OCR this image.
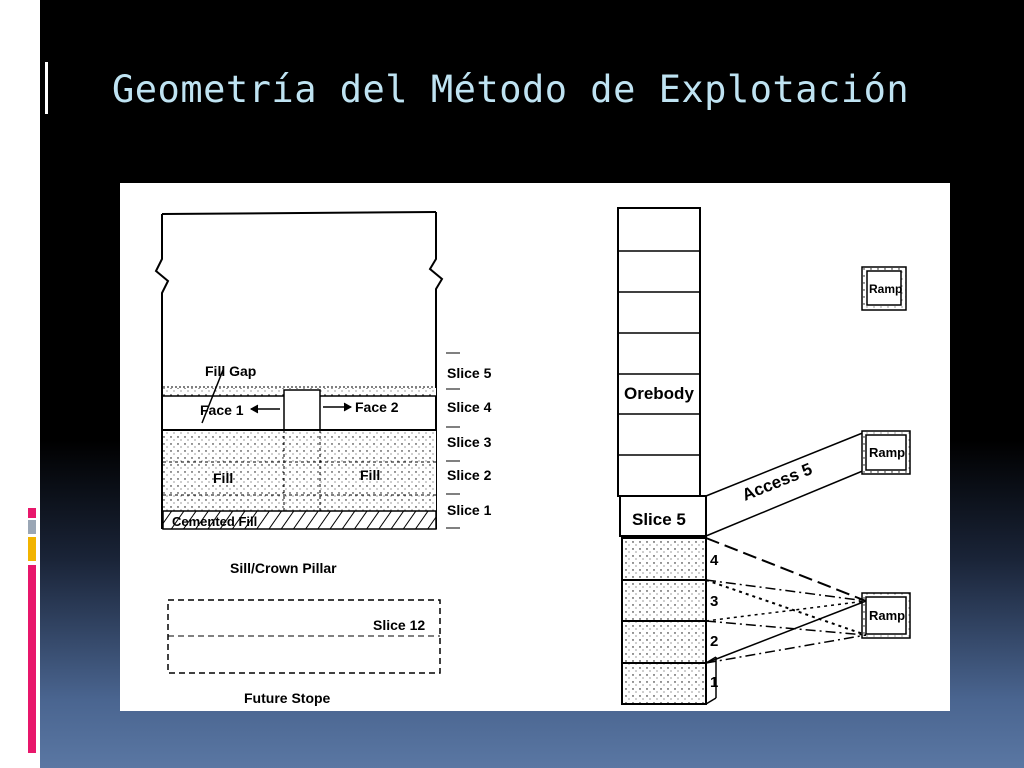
Geometría del Método de Explotación
Fill Gap
Face 1	Face 2
Fill	Fill
Cemented Fill
Sill/Crown Pillar
Slice 12
Future Stope
Slice 5
Slice 4
Slice 3
Slice 2
Slice 1
Orebody
Slice 5
Access 5
Ramp
Ramp
Ramp
4
3
2
1
